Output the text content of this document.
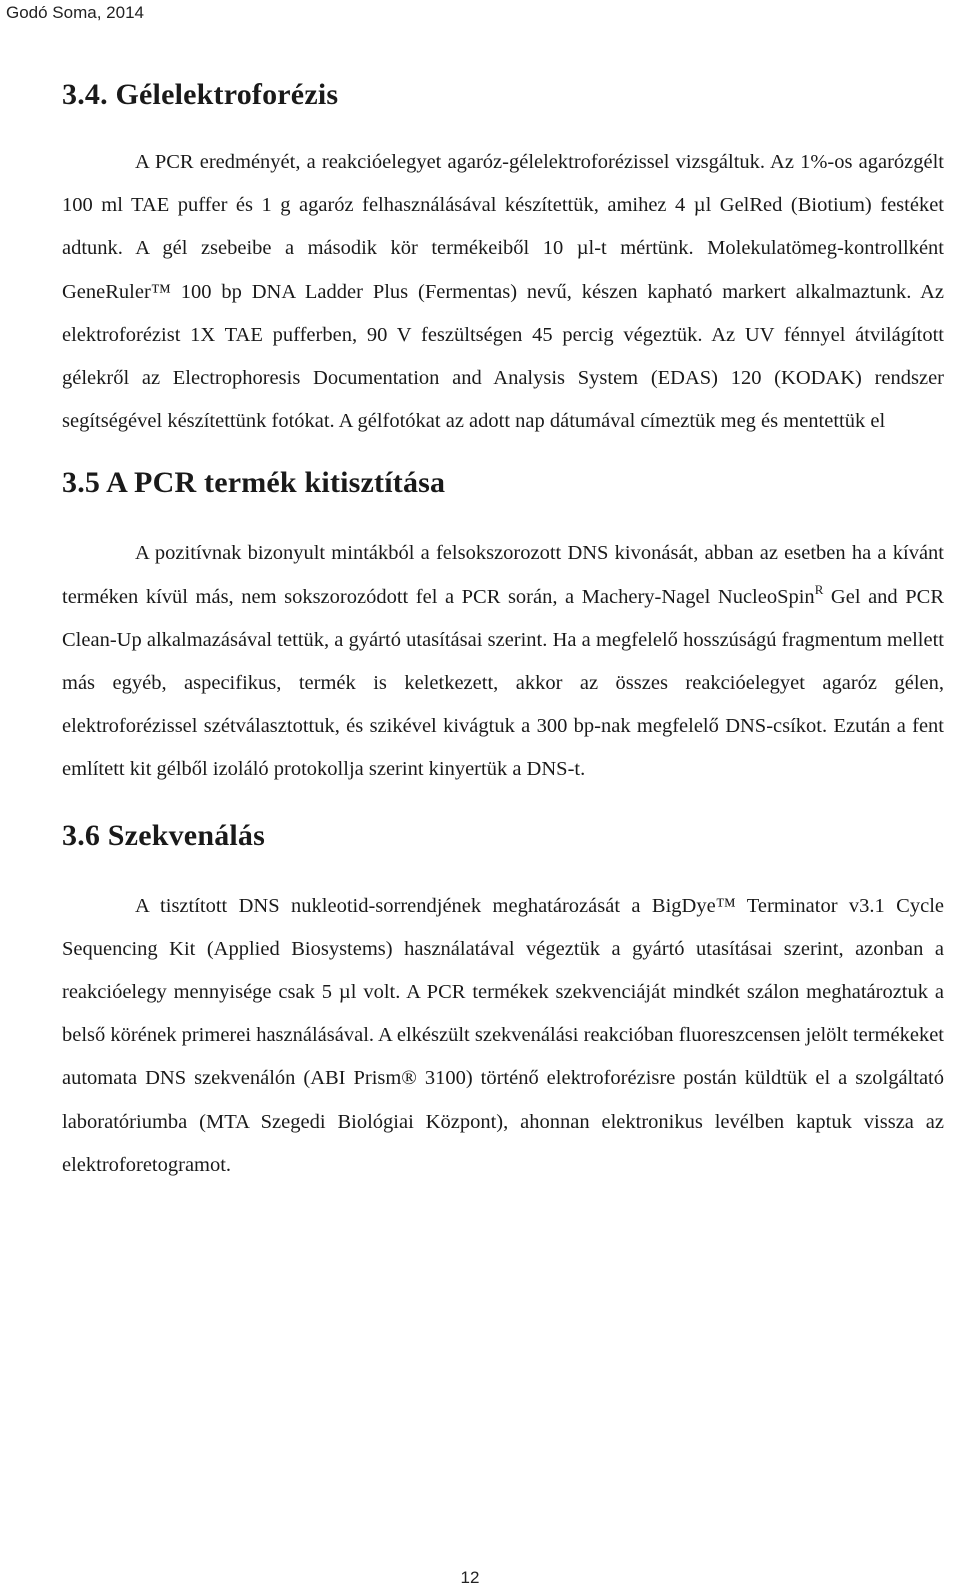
Godó Soma, 2014
3.4. Gélelektroforézis

A PCR eredményét, a reakcióelegyet agaróz-gélelektroforézissel vizsgáltuk. Az 1%-os agarózgélt 100 ml TAE puffer és 1 g agaróz felhasználásával készítettük, amihez 4 µl GelRed (Biotium) festéket adtunk. A gél zsebeibe a második kör termékeiből 10 µl-t mértünk. Molekulatömeg-kontrollként GeneRuler™ 100 bp DNA Ladder Plus (Fermentas) nevű, készen kapható markert alkalmaztunk. Az elektroforézist 1X TAE pufferben, 90 V feszültségen 45 percig végeztük. Az UV fénnyel átvilágított gélekről az Electrophoresis Documentation and Analysis System (EDAS) 120 (KODAK) rendszer segítségével készítettünk fotókat. A gélfotókat az adott nap dátumával címeztük meg és mentettük el

3.5 A PCR termék kitisztítása

A pozitívnak bizonyult mintákból a felsokszorozott DNS kivonását, abban az esetben ha a kívánt terméken kívül más, nem sokszorozódott fel a PCR során, a Machery-Nagel NucleoSpin$^R$ Gel and PCR Clean-Up alkalmazásával tettük, a gyártó utasításai szerint. Ha a megfelelő hosszúságú fragmentum mellett más egyéb, aspecifikus, termék is keletkezett, akkor az összes reakcióelegyet agaróz gélen, elektroforézissel szétválasztottuk, és szikével kivágtuk a 300 bp-nak megfelelő DNS-csíkot. Ezután a fent említett kit gélből izoláló protokollja szerint kinyertük a DNS-t.

3.6 Szekvenálás

A tisztított DNS nukleotid-sorrendjének meghatározását a BigDye™ Terminator v3.1 Cycle Sequencing Kit (Applied Biosystems) használatával végeztük a gyártó utasításai szerint, azonban a reakcióelegy mennyisége csak 5 µl volt. A PCR termékek szekvenciáját mindkét szálon meghatároztuk a belső körének primerei használásával. A elkészült szekvenálási reakcióban fluoreszcensen jelölt termékeket automata DNS szekvenálón (ABI Prism® 3100) történő elektroforézisre postán küldtük el a szolgáltató laboratóriumba (MTA Szegedi Biológiai Központ), ahonnan elektronikus levélben kaptuk vissza az elektroforetogramot.

12
